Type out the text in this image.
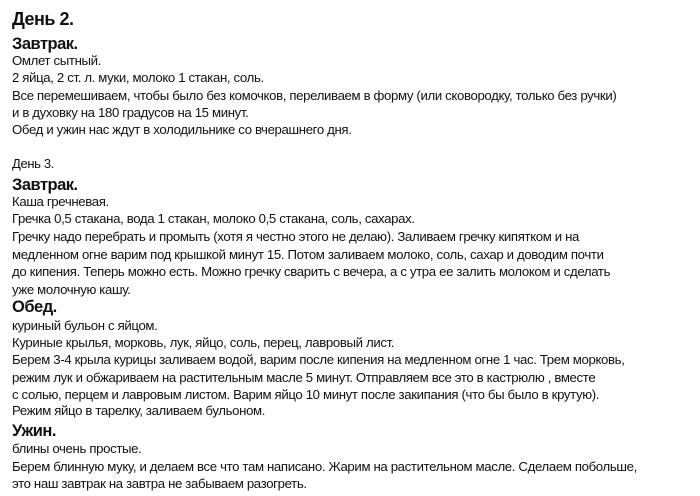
День 2.
Завтрак.
Омлет сытный.
2 яйца, 2 ст. л. муки, молоко 1 стакан, соль.
Все перемешиваем, чтобы было без комочков, переливаем в форму (или сковородку, только без ручки)
и в духовку на 180 градусов на 15 минут.
Обед и ужин нас ждут в холодильнике со вчерашнего дня.
День 3.
Завтрак.
Каша гречневая.
Гречка 0,5 стакана, вода 1 стакан, молоко 0,5 стакана, соль, сахарах.
Гречку надо перебрать и промыть (хотя я честно этого не делаю). Заливаем гречку кипятком и на
медленном огне варим под крышкой минут 15. Потом заливаем молоко, соль, сахар и доводим почти
до кипения. Теперь можно есть. Можно гречку сварить с вечера, а с утра ее залить молоком и сделать
уже молочную кашу.
Обед.
куриный бульон с яйцом.
Куриные крылья, морковь, лук, яйцо, соль, перец, лавровый лист.
Берем 3-4 крыла курицы заливаем водой, варим после кипения на медленном огне 1 час. Трем морковь,
режим лук и обжариваем на растительным масле 5 минут. Отправляем все это в кастрюлю , вместе
с солью, перцем и лавровым листом. Варим яйцо 10 минут после закипания (что бы было в крутую).
Режим яйцо в тарелку, заливаем бульоном.
Ужин.
блины очень простые.
Берем блинную муку, и делаем все что там написано. Жарим на растительном масле. Сделаем побольше,
это наш завтрак на завтра не забываем разогреть.
